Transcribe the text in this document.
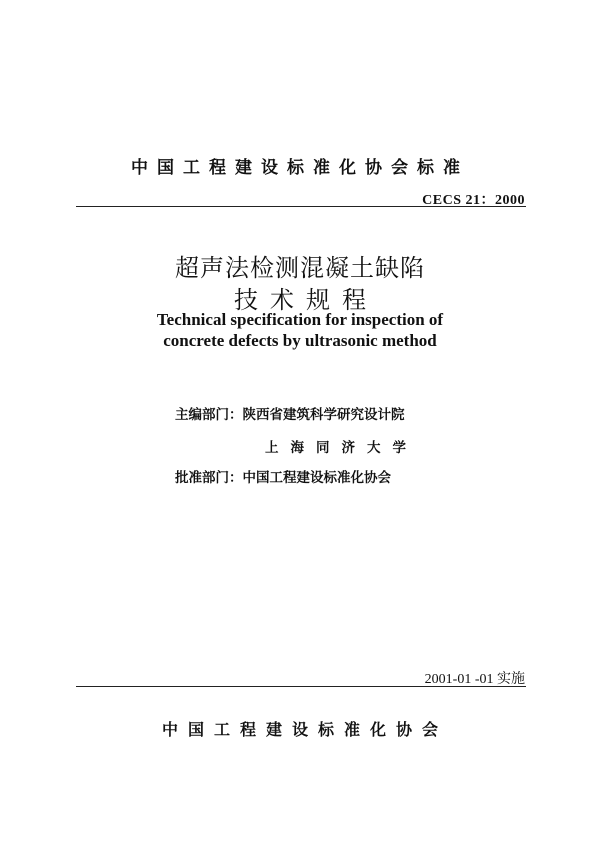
中国工程建设标准化协会标准
CECS 21：2000
超声法检测混凝土缺陷
技术规程
Technical specification for inspection of
concrete defects by ultrasonic method
主编部门：陕西省建筑科学研究设计院
上海同济大学
批准部门：中国工程建设标准化协会
2001-01 -01 实施
中国工程建设标准化协会
